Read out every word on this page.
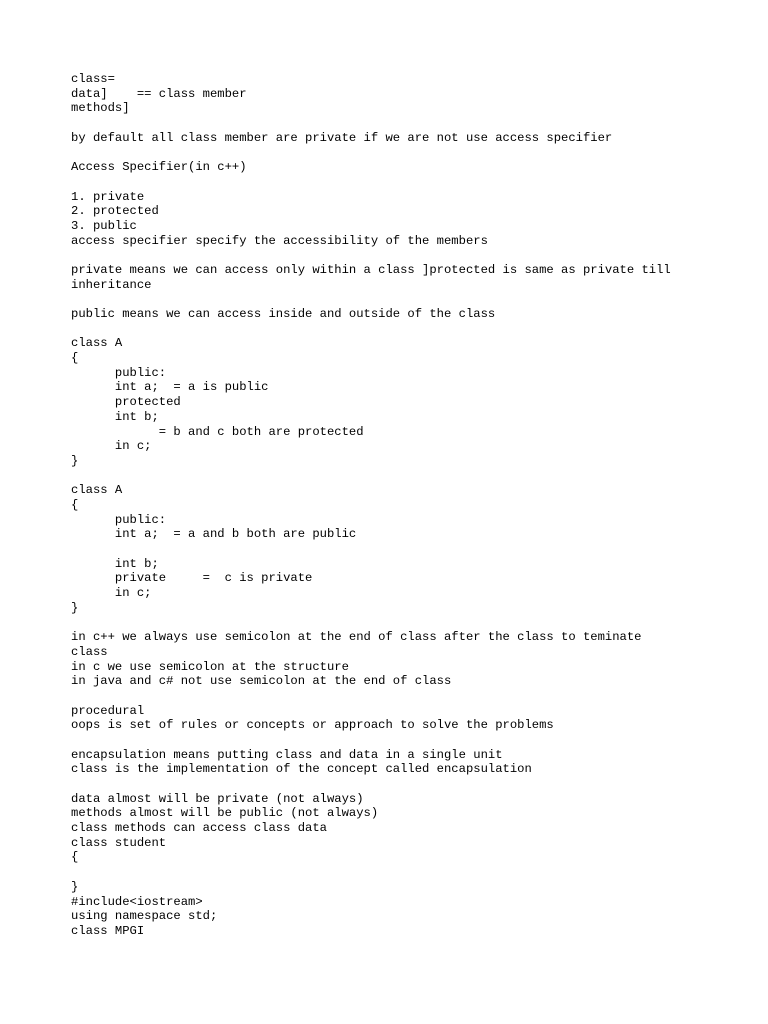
class=
data]    == class member
methods]
by default all class member are private if we are not use access specifier
Access Specifier(in c++)
1. private
2. protected
3. public
access specifier specify the accessibility of the members
private means we can access only within a class ]protected is same as private till
inheritance
public means we can access inside and outside of the class
class A
{
public:
int a;  = a is public
protected
int b;
= b and c both are protected
in c;
}
class A
{
public:
int a;  = a and b both are public
int b;
private     =  c is private
in c;
}
in c++ we always use semicolon at the end of class after the class to teminate
class
in c we use semicolon at the structure
in java and c# not use semicolon at the end of class
procedural
oops is set of rules or concepts or approach to solve the problems
encapsulation means putting class and data in a single unit
class is the implementation of the concept called encapsulation
data almost will be private (not always)
methods almost will be public (not always)
class methods can access class data
class student
{
}
#include<iostream>
using namespace std;
class MPGI
